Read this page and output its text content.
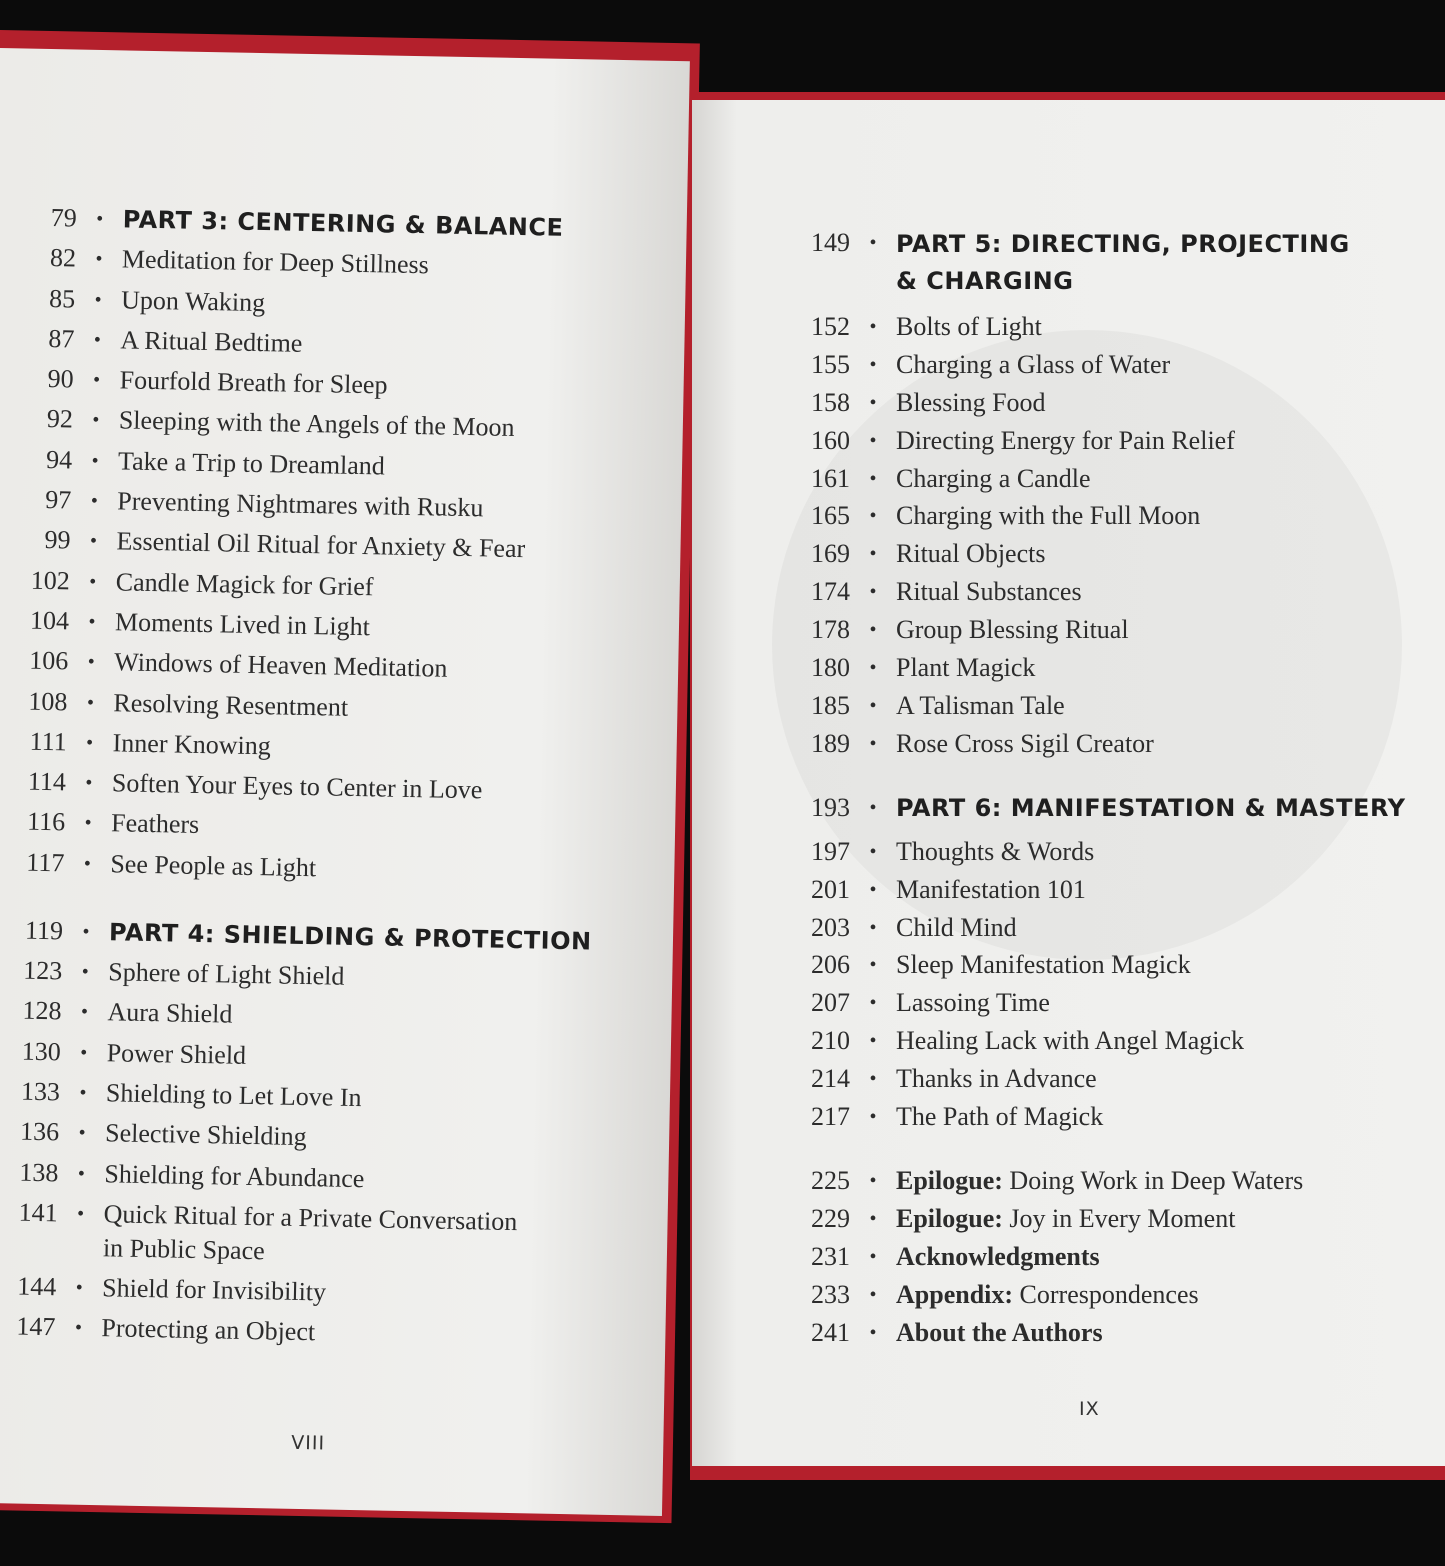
79 • PART 3: CENTERING & BALANCE
82 • Meditation for Deep Stillness
85 • Upon Waking
87 • A Ritual Bedtime
90 • Fourfold Breath for Sleep
92 • Sleeping with the Angels of the Moon
94 • Take a Trip to Dreamland
97 • Preventing Nightmares with Rusku
99 • Essential Oil Ritual for Anxiety & Fear
102 • Candle Magick for Grief
104 • Moments Lived in Light
106 • Windows of Heaven Meditation
108 • Resolving Resentment
111 • Inner Knowing
114 • Soften Your Eyes to Center in Love
116 • Feathers
117 • See People as Light
119 • PART 4: SHIELDING & PROTECTION
123 • Sphere of Light Shield
128 • Aura Shield
130 • Power Shield
133 • Shielding to Let Love In
136 • Selective Shielding
138 • Shielding for Abundance
141 • Quick Ritual for a Private Conversation
in Public Space
144 • Shield for Invisibility
147 • Protecting an Object
VIII
149 • PART 5: DIRECTING, PROJECTING
& CHARGING
152 • Bolts of Light
155 • Charging a Glass of Water
158 • Blessing Food
160 • Directing Energy for Pain Relief
161 • Charging a Candle
165 • Charging with the Full Moon
169 • Ritual Objects
174 • Ritual Substances
178 • Group Blessing Ritual
180 • Plant Magick
185 • A Talisman Tale
189 • Rose Cross Sigil Creator
193 • PART 6: MANIFESTATION & MASTERY
197 • Thoughts & Words
201 • Manifestation 101
203 • Child Mind
206 • Sleep Manifestation Magick
207 • Lassoing Time
210 • Healing Lack with Angel Magick
214 • Thanks in Advance
217 • The Path of Magick
225 • Epilogue: Doing Work in Deep Waters
229 • Epilogue: Joy in Every Moment
231 • Acknowledgments
233 • Appendix: Correspondences
241 • About the Authors
IX
